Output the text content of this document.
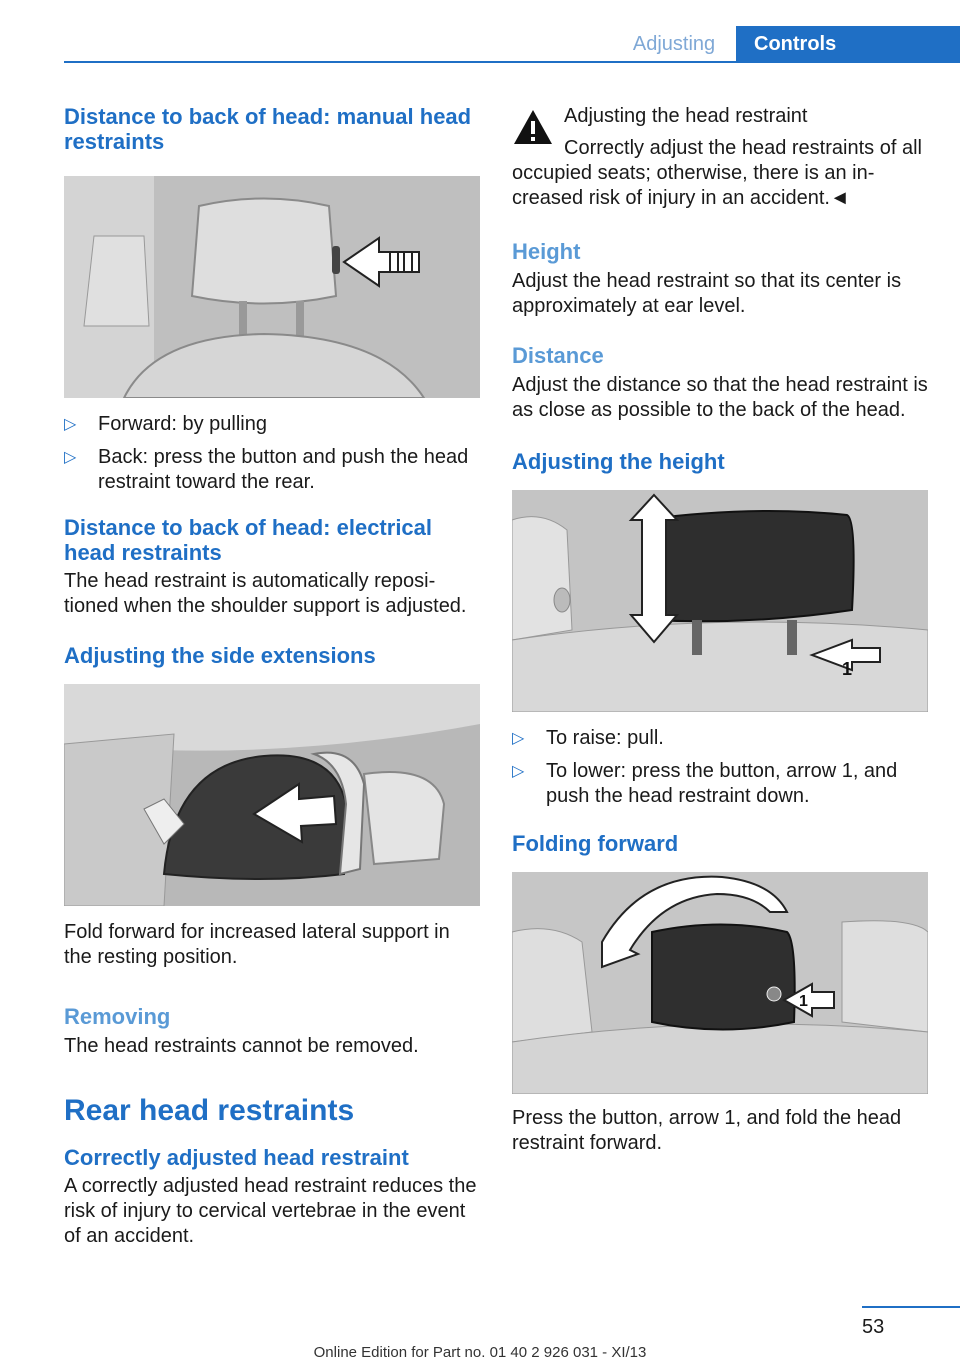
Adjusting	Controls
Distance to back of head: manual head restraints
▷ Forward: by pulling
▷ Back: press the button and push the head restraint toward the rear.
Distance to back of head: electrical head restraints

The head restraint is automatically reposi-tioned when the shoulder support is adjusted.

Adjusting the side extensions

Fold forward for increased lateral support in the resting position.

Removing

The head restraints cannot be removed.

Rear head restraints
Correctly adjusted head restraint

A correctly adjusted head restraint reduces the risk of injury to cervical vertebrae in the event of an accident.

Adjusting the head restraint

Correctly adjust the head restraints of all occupied seats; otherwise, there is an in-creased risk of injury in an accident.◄

Height

Adjust the head restraint so that its center is approximately at ear level.

Distance

Adjust the distance so that the head restraint is as close as possible to the back of the head.

Adjusting the height
1
▷ To raise: pull.
▷ To lower: press the button, arrow 1, and push the head restraint down.
Folding forward
1

Press the button, arrow 1, and fold the head restraint forward.

53
Online Edition for Part no. 01 40 2 926 031 - XI/13
